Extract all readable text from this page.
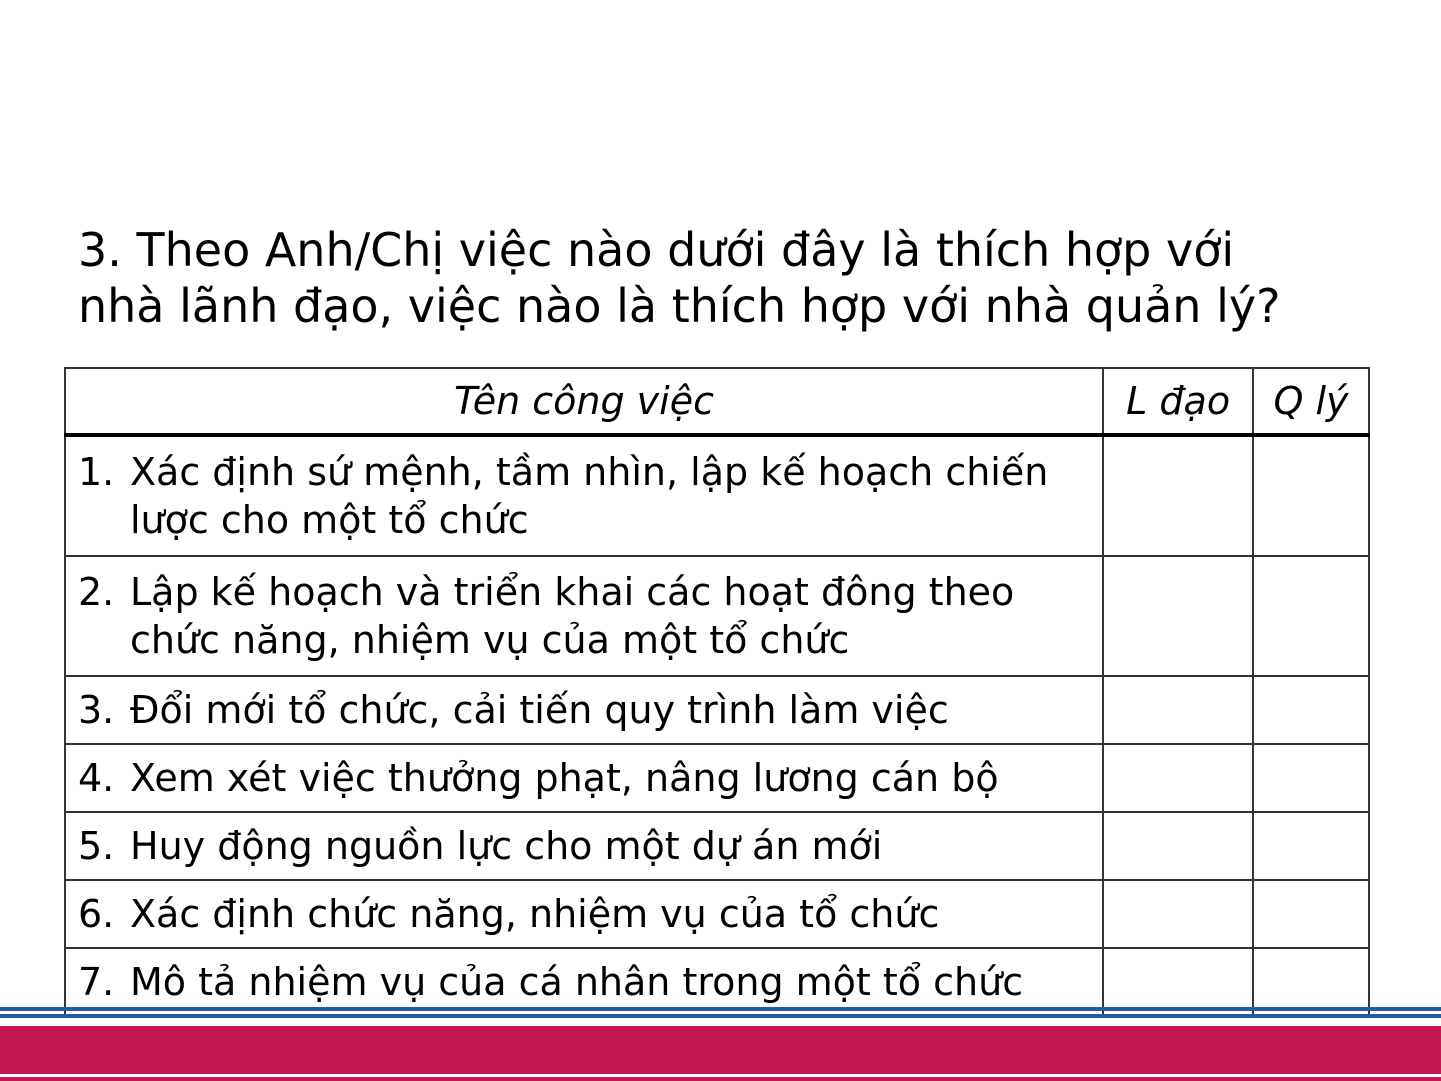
3. Theo Anh/Chị việc nào dưới đây là thích hợp với
nhà lãnh đạo, việc nào là thích hợp với nhà quản lý?
Tên công việc	L đạo	Q lý

1. Xác định sứ mệnh, tầm nhìn, lập kế hoạch chiến lược cho một tổ chức		

2. Lập kế hoạch và triển khai các hoạt đông theo chức năng, nhiệm vụ của một tổ chức		

3. Đổi mới tổ chức, cải tiến quy trình làm việc		

4. Xem xét việc thưởng phạt, nâng lương cán bộ		

5. Huy động nguồn lực cho một dự án mới		

6. Xác định chức năng, nhiệm vụ của tổ chức		

7. Mô tả nhiệm vụ của cá nhân trong một tổ chức		
